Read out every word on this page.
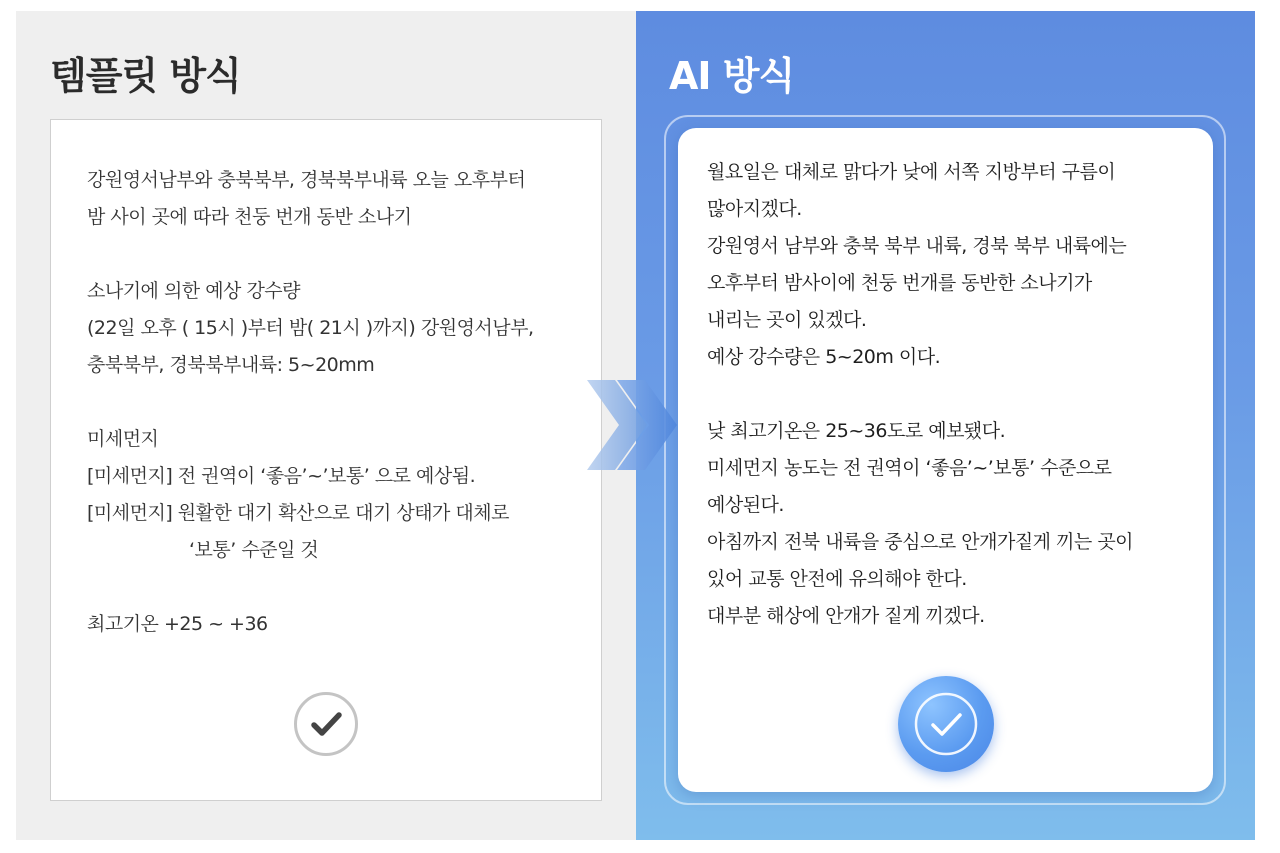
템플릿 방식
강원영서남부와 충북북부, 경북북부내륙 오늘 오후부터
밤 사이 곳에 따라 천둥 번개 동반 소나기
소나기에 의한 예상 강수량
(22일 오후 ( 15시 )부터 밤( 21시 )까지) 강원영서남부,
충북북부, 경북북부내륙: 5~20mm
미세먼지
[미세먼지] 전 권역이 ‘좋음’~’보통’ 으로 예상됨.
[미세먼지] 원활한 대기 확산으로 대기 상태가 대체로
‘보통’ 수준일 것
최고기온 +25 ~ +36
AI 방식
월요일은 대체로 맑다가 낮에 서쪽 지방부터 구름이
많아지겠다.
강원영서 남부와 충북 북부 내륙, 경북 북부 내륙에는
오후부터 밤사이에 천둥 번개를 동반한 소나기가
내리는 곳이 있겠다.
예상 강수량은 5~20m 이다.
낮 최고기온은 25~36도로 예보됐다.
미세먼지 농도는 전 권역이 ‘좋음’~’보통’ 수준으로
예상된다.
아침까지 전북 내륙을 중심으로 안개가짙게 끼는 곳이
있어 교통 안전에 유의해야 한다.
대부분 해상에 안개가 짙게 끼겠다.
